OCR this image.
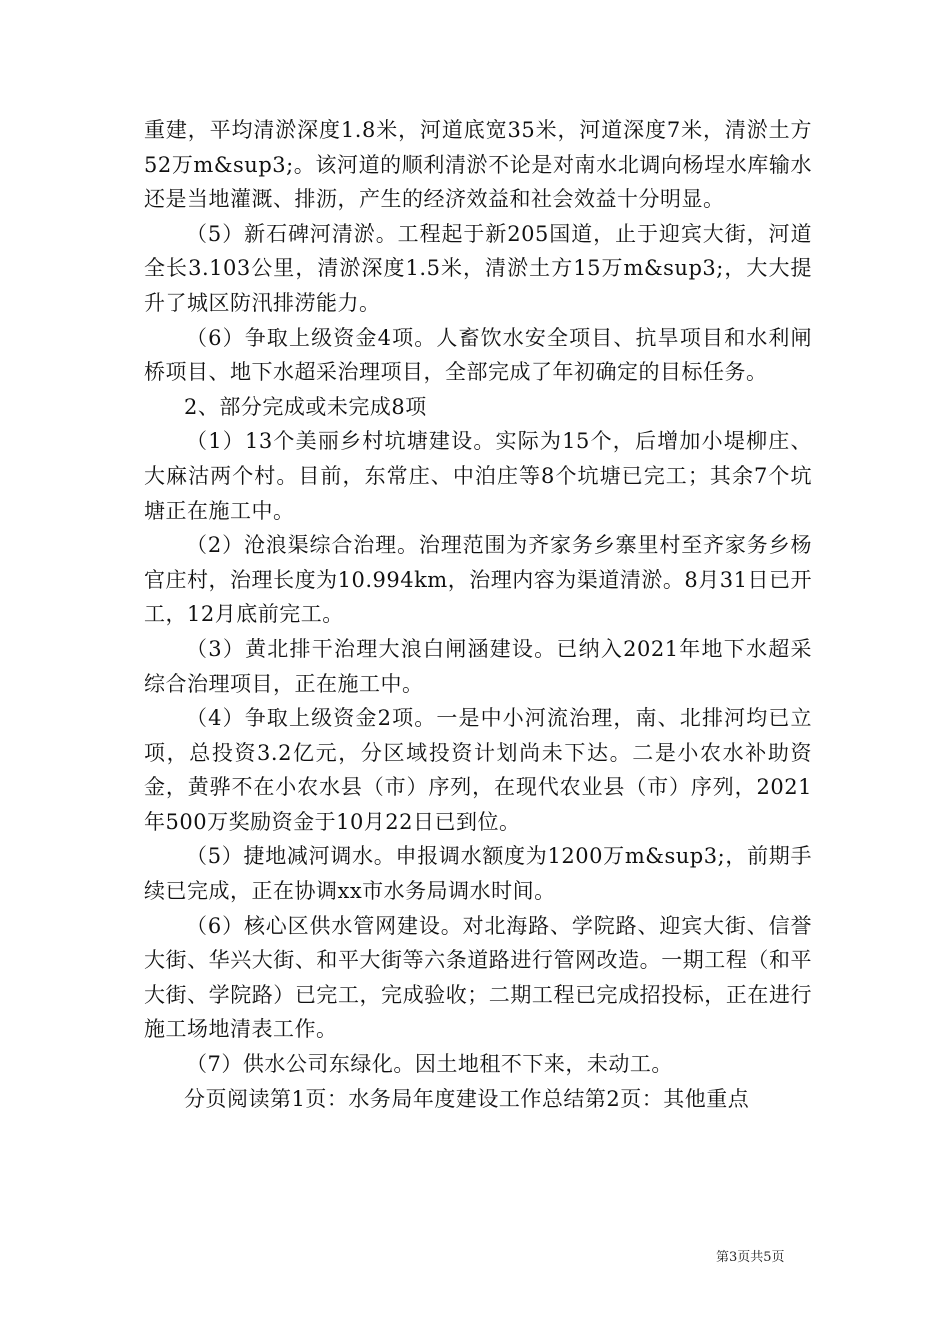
重建，平均清淤深度1.8米，河道底宽35米，河道深度7米，清淤土方52万m&sup3;。该河道的顺利清淤不论是对南水北调向杨埕水库输水还是当地灌溉、排沥，产生的经济效益和社会效益十分明显。

（5）新石碑河清淤。工程起于新205国道，止于迎宾大街，河道全长3.103公里，清淤深度1.5米，清淤土方15万m&sup3;，大大提升了城区防汛排涝能力。

（6）争取上级资金4项。人畜饮水安全项目、抗旱项目和水利闸桥项目、地下水超采治理项目，全部完成了年初确定的目标任务。

2、部分完成或未完成8项

（1）13个美丽乡村坑塘建设。实际为15个，后增加小堤柳庄、大麻沽两个村。目前，东常庄、中泊庄等8个坑塘已完工；其余7个坑塘正在施工中。

（2）沧浪渠综合治理。治理范围为齐家务乡寨里村至齐家务乡杨官庄村，治理长度为10.994km，治理内容为渠道清淤。8月31日已开工，12月底前完工。

（3）黄北排干治理大浪白闸涵建设。已纳入2021年地下水超采综合治理项目，正在施工中。

（4）争取上级资金2项。一是中小河流治理，南、北排河均已立项，总投资3.2亿元，分区域投资计划尚未下达。二是小农水补助资金，黄骅不在小农水县（市）序列，在现代农业县（市）序列，2021年500万奖励资金于10月22日已到位。

（5）捷地减河调水。申报调水额度为1200万m&sup3;，前期手续已完成，正在协调xx市水务局调水时间。

（6）核心区供水管网建设。对北海路、学院路、迎宾大街、信誉大街、华兴大街、和平大街等六条道路进行管网改造。一期工程（和平大街、学院路）已完工，完成验收；二期工程已完成招投标，正在进行施工场地清表工作。

（7）供水公司东绿化。因土地租不下来，未动工。

分页阅读第1页：水务局年度建设工作总结第2页：其他重点

第3页共5页
